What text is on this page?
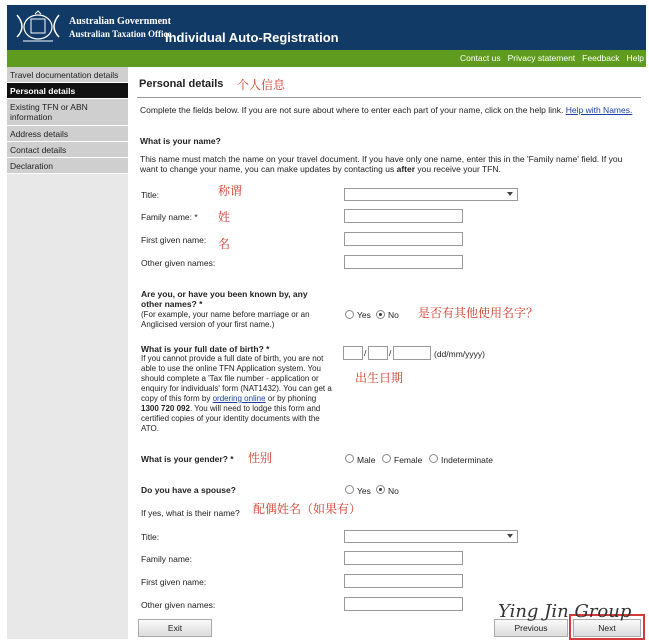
Australian Government
Australian Taxation Office
Individual Auto-Registration
Contact us Privacy statement Feedback Help
Travel documentation details
Personal details
Existing TFN or ABN information
Address details
Contact details
Declaration
Personal details 个人信息
Complete the fields below. If you are not sure about where to enter each part of your name, click on the help link. Help with Names.
What is your name?
This name must match the name on your travel document. If you have only one name, enter this in the 'Family name' field. If you want to change your name, you can make updates by contacting us after you receive your TFN.
Title:	称谓
Family name: * 姓
First given name: 名
Other given names:
Are you, or have you been known by, any other names? *
(For example, your name before marriage or an Anglicised version of your first name.)
Yes No 是否有其他使用名字？
What is your full date of birth? *
If you cannot provide a full date of birth, you are not able to use the online TFN Application system. You should complete a 'Tax file number - application or enquiry for individuals' form (NAT1432). You can get a copy of this form by ordering online or by phoning 1300 720 092. You will need to lodge this form and certified copies of your identity documents with the ATO.
/	/	(dd/mm/yyyy)
出生日期
What is your gender? * 性别	Male Female Indeterminate
Do you have a spouse?	Yes No
If yes, what is their name? 配偶姓名（如果有）
Title:
Family name:
First given name:
Other given names:
Exit	Previous	Next
Ying Jin Group
